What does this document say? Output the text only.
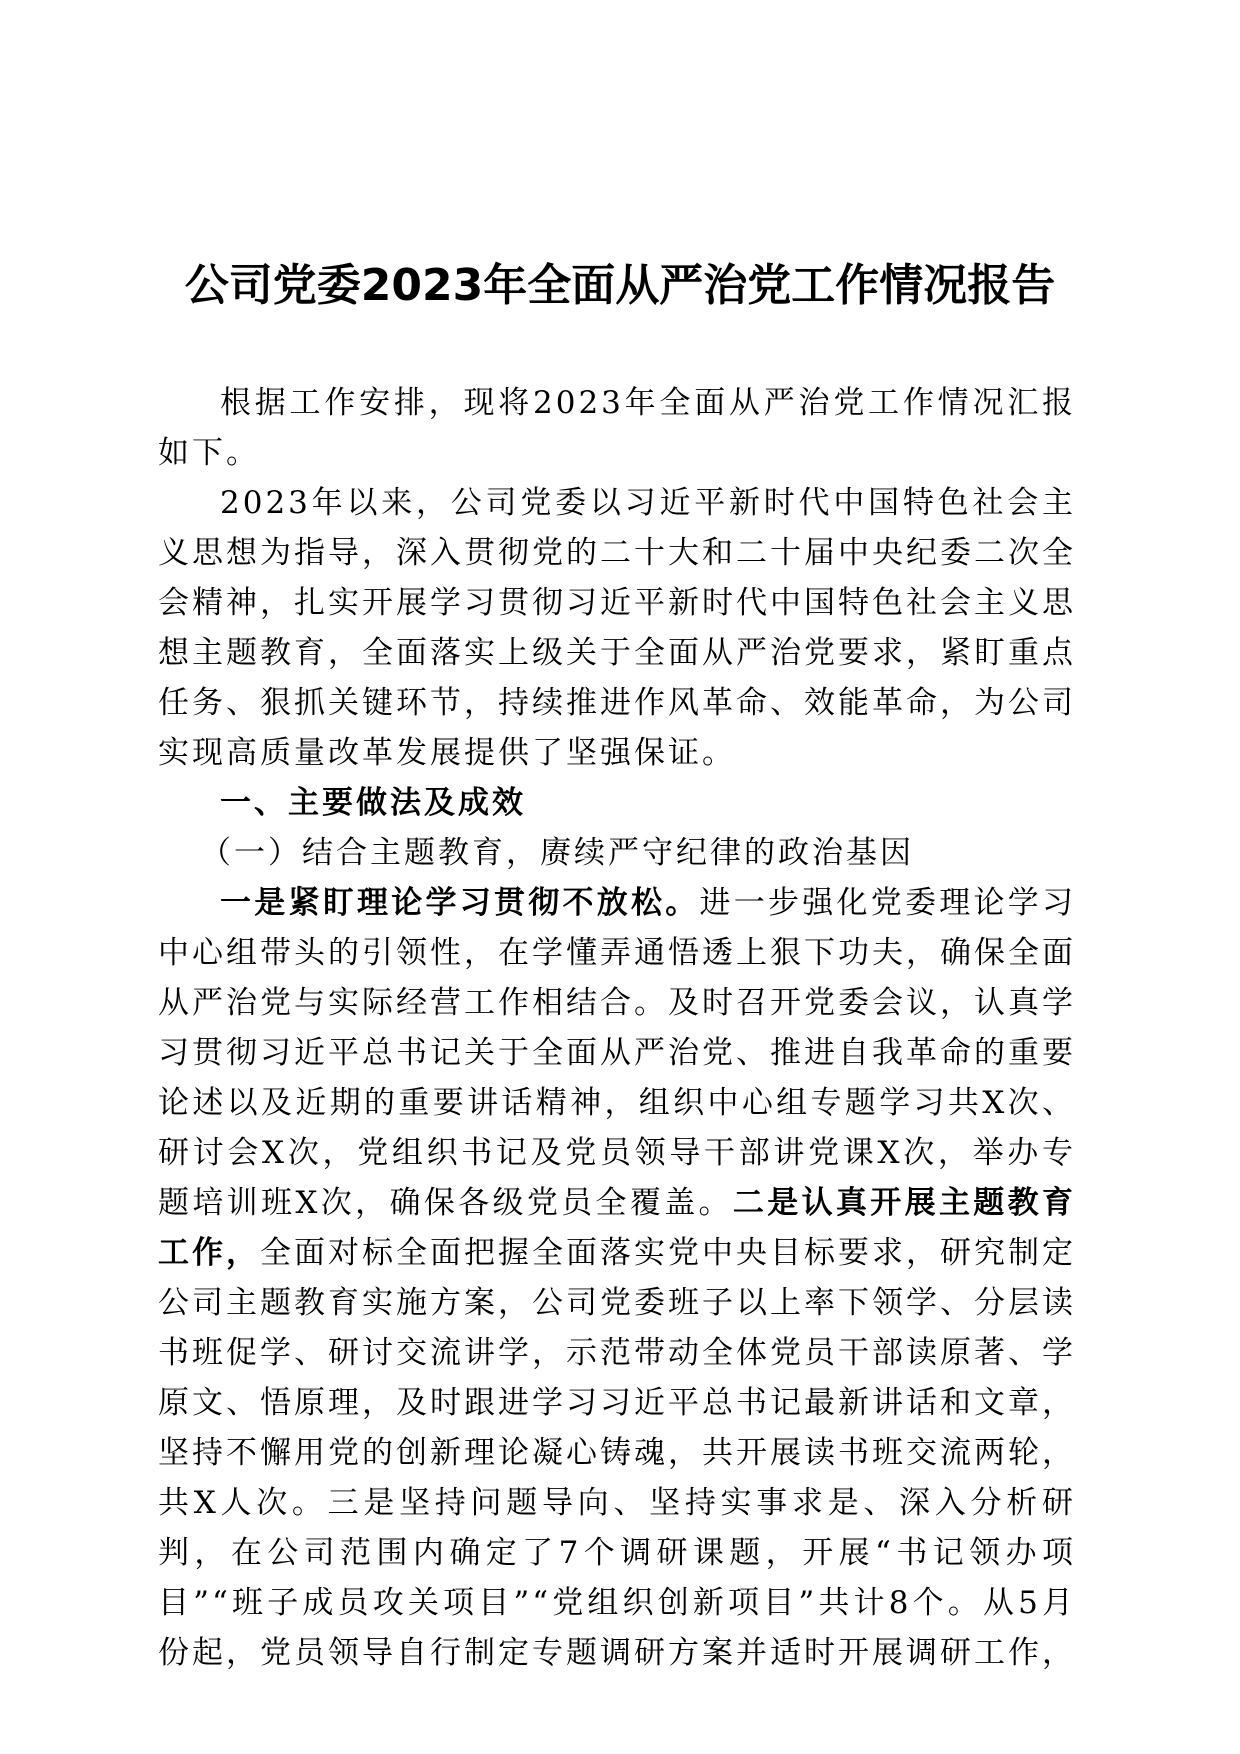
公司党委2023年全面从严治党工作情况报告

根据工作安排，现将2023年全面从严治党工作情况汇报如下。

2023年以来，公司党委以习近平新时代中国特色社会主义思想为指导，深入贯彻党的二十大和二十届中央纪委二次全会精神，扎实开展学习贯彻习近平新时代中国特色社会主义思想主题教育，全面落实上级关于全面从严治党要求，紧盯重点任务、狠抓关键环节，持续推进作风革命、效能革命，为公司实现高质量改革发展提供了坚强保证。

一、主要做法及成效

（一）结合主题教育，赓续严守纪律的政治基因

一是紧盯理论学习贯彻不放松。进一步强化党委理论学习中心组带头的引领性，在学懂弄通悟透上狠下功夫，确保全面从严治党与实际经营工作相结合。及时召开党委会议，认真学习贯彻习近平总书记关于全面从严治党、推进自我革命的重要论述以及近期的重要讲话精神，组织中心组专题学习共X次、研讨会X次，党组织书记及党员领导干部讲党课X次，举办专题培训班X次，确保各级党员全覆盖。二是认真开展主题教育工作，全面对标全面把握全面落实党中央目标要求，研究制定公司主题教育实施方案，公司党委班子以上率下领学、分层读书班促学、研讨交流讲学，示范带动全体党员干部读原著、学原文、悟原理，及时跟进学习习近平总书记最新讲话和文章，坚持不懈用党的创新理论凝心铸魂，共开展读书班交流两轮，共X人次。三是坚持问题导向、坚持实事求是、深入分析研判，在公司范围内确定了7个调研课题，开展“书记领办项目”“班子成员攻关项目”“党组织创新项目”共计8个。从5月份起，党员领导自行制定专题调研方案并适时开展调研工作，
